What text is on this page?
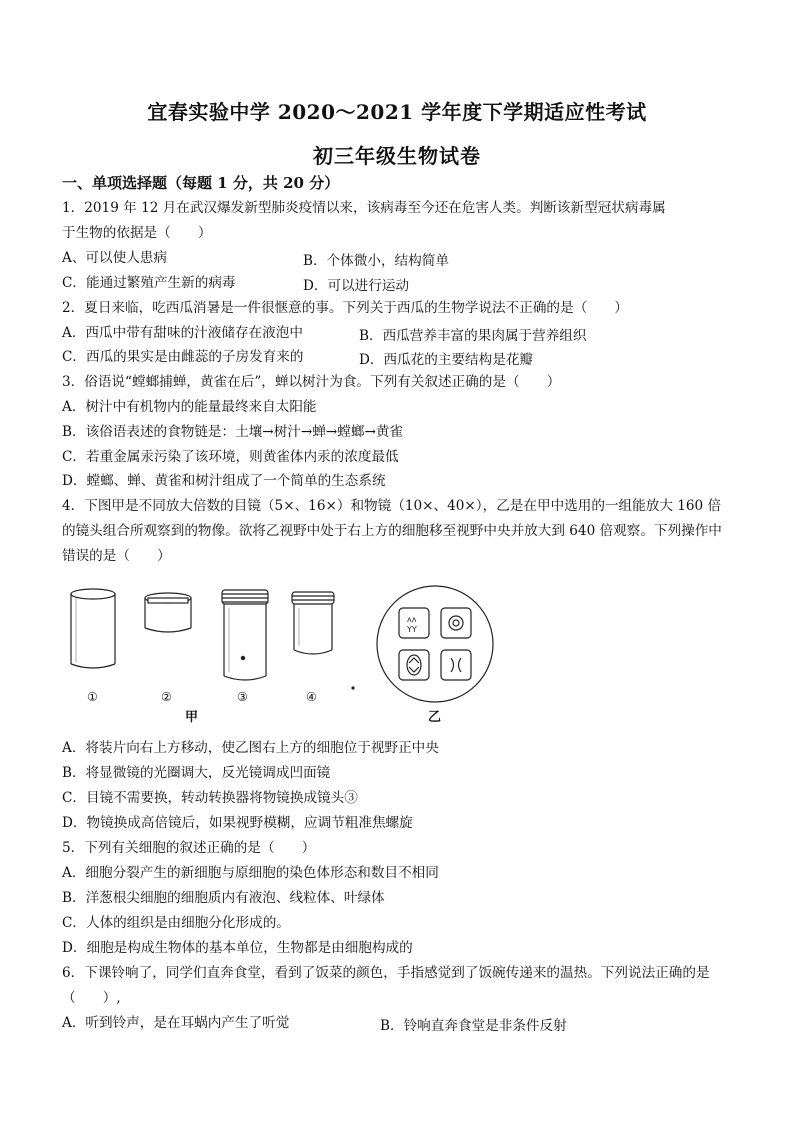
宜春实验中学 2020～2021 学年度下学期适应性考试
初三年级生物试卷
一、单项选择题（每题 1 分，共 20 分）
1．2019 年 12 月在武汉爆发新型肺炎疫情以来，该病毒至今还在危害人类。判断该新型冠状病毒属
于生物的依据是（　　）
A、可以使人患病	B．个体微小，结构简单
C．能通过繁殖产生新的病毒	D．可以进行运动
2．夏日来临，吃西瓜消暑是一件很惬意的事。下列关于西瓜的生物学说法不正确的是（　　）
A．西瓜中带有甜味的汁液储存在液泡中	B．西瓜营养丰富的果肉属于营养组织
C．西瓜的果实是由雌蕊的子房发育来的	D．西瓜花的主要结构是花瓣
3．俗语说“螳螂捕蝉，黄雀在后”，蝉以树汁为食。下列有关叙述正确的是（　　）
A．树汁中有机物内的能量最终来自太阳能
B．该俗语表述的食物链是：土壤→树汁→蝉→螳螂→黄雀
C．若重金属汞污染了该环境，则黄雀体内汞的浓度最低
D．螳螂、蝉、黄雀和树汁组成了一个简单的生态系统
4．下图甲是不同放大倍数的目镜（5×、16×）和物镜（10×、40×），乙是在甲中选用的一组能放大 160 倍
的镜头组合所观察到的物像。欲将乙视野中处于右上方的细胞移至视野中央并放大到 640 倍观察。下列操作中
错误的是（　　）
ʌʌ
YY
①	②	③	④
甲	乙
A．将装片向右上方移动，使乙图右上方的细胞位于视野正中央
B．将显微镜的光圈调大，反光镜调成凹面镜
C．目镜不需要换，转动转换器将物镜换成镜头③
D．物镜换成高倍镜后，如果视野模糊，应调节粗准焦螺旋
5．下列有关细胞的叙述正确的是（　　）
A．细胞分裂产生的新细胞与原细胞的染色体形态和数目不相同
B．洋葱根尖细胞的细胞质内有液泡、线粒体、叶绿体
C．人体的组织是由细胞分化形成的。
D．细胞是构成生物体的基本单位，生物都是由细胞构成的
6．下课铃响了，同学们直奔食堂，看到了饭菜的颜色，手指感觉到了饭碗传递来的温热。下列说法正确的是
（　　）,
A．听到铃声，是在耳蜗内产生了听觉	B．铃响直奔食堂是非条件反射
